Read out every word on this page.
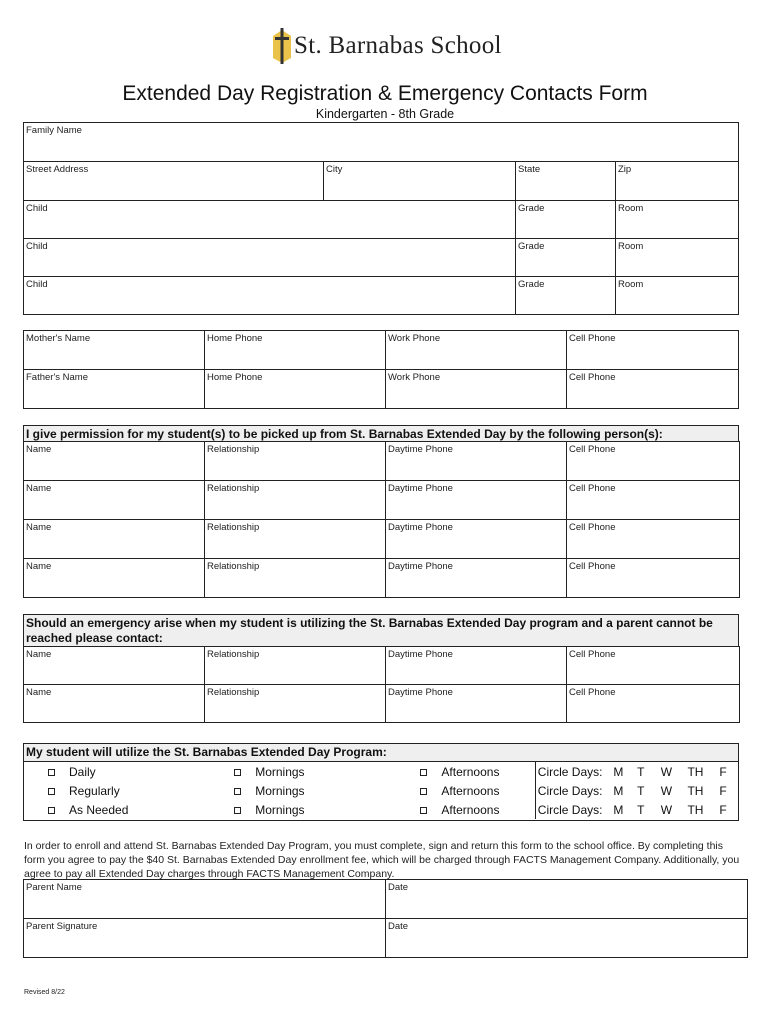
St. Barnabas School
Extended Day Registration & Emergency Contacts Form
Kindergarten - 8th Grade
Family Name			
Street Address	City	State	Zip
Child		Grade	Room
Child		Grade	Room
Child		Grade	Room
Mother's Name	Home Phone	Work Phone	Cell Phone
Father's Name	Home Phone	Work Phone	Cell Phone
I give permission for my student(s) to be picked up from St. Barnabas Extended Day by the following person(s):
Name	Relationship	Daytime Phone	Cell Phone
Name	Relationship	Daytime Phone	Cell Phone
Name	Relationship	Daytime Phone	Cell Phone
Name	Relationship	Daytime Phone	Cell Phone
Should an emergency arise when my student is utilizing the St. Barnabas Extended Day program and a parent cannot be reached please contact:
Name	Relationship	Daytime Phone	Cell Phone
Name	Relationship	Daytime Phone	Cell Phone
My student will utilize the St. Barnabas Extended Day Program:
Daily	Mornings	Afternoons	Circle Days:	M	T	W	TH	F
Regularly	Mornings	Afternoons	Circle Days:	M	T	W	TH	F
As Needed	Mornings	Afternoons	Circle Days:	M	T	W	TH	F
In order to enroll and attend St. Barnabas Extended Day Program, you must complete, sign and return this form to the school office. By completing this form you agree to pay the $40 St. Barnabas Extended Day enrollment fee, which will be charged through FACTS Management Company. Additionally, you agree to pay all Extended Day charges through FACTS Management Company.
Parent Name	Date
Parent Signature	Date
Revised 8/22
